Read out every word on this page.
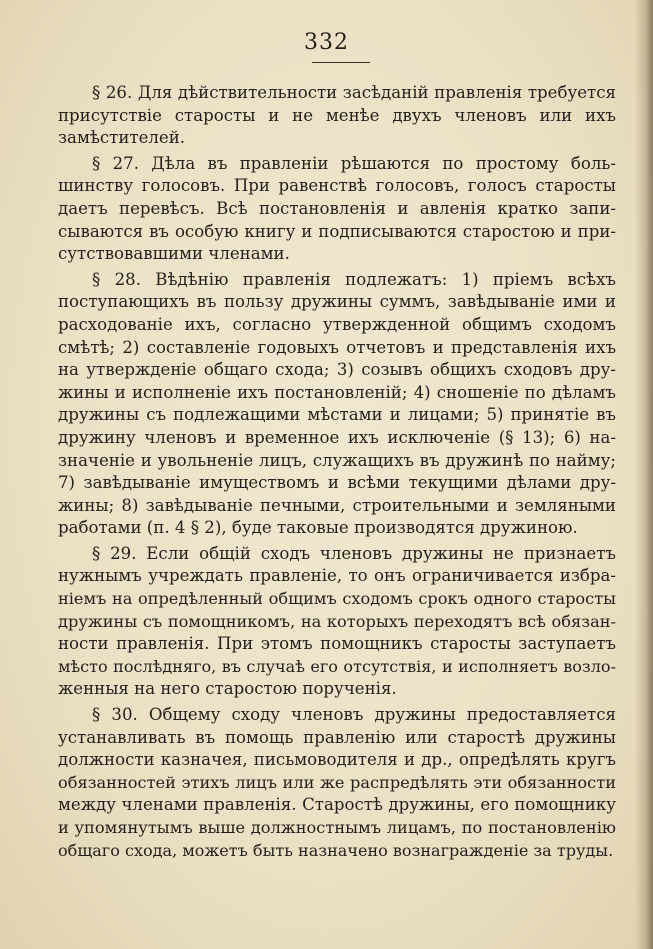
332
§ 26. Для дѣйствительности засѣданій правленія требуется
присутствіе старосты и не менѣе двухъ членовъ или ихъ
замѣстителей.
§ 27. Дѣла въ правленіи рѣшаются по простому боль-
шинству голосовъ. При равенствѣ голосовъ, голосъ старосты
даетъ перевѣсъ. Всѣ постановленія и авленія кратко запи-
сываются въ особую книгу и подписываются старостою и при-
сутствовавшими членами.
§ 28. Вѣдѣнію правленія подлежатъ: 1) пріемъ всѣхъ
поступающихъ въ пользу дружины суммъ, завѣдываніе ими и
расходованіе ихъ, согласно утвержденной общимъ сходомъ
смѣтѣ; 2) составленіе годовыхъ отчетовъ и представленія ихъ
на утвержденіе общаго схода; 3) созывъ общихъ сходовъ дру-
жины и исполненіе ихъ постановленій; 4) сношеніе по дѣламъ
дружины съ подлежащими мѣстами и лицами; 5) принятіе въ
дружину членовъ и временное ихъ исключеніе (§ 13); 6) на-
значеніе и увольненіе лицъ, служащихъ въ дружинѣ по найму;
7) завѣдываніе имуществомъ и всѣми текущими дѣлами дру-
жины; 8) завѣдываніе печными, строительными и земляными
работами (п. 4 § 2), буде таковые производятся дружиною.
§ 29. Если общій сходъ членовъ дружины не признаетъ
нужнымъ учреждать правленіе, то онъ ограничивается избра-
ніемъ на опредѣленный общимъ сходомъ срокъ одного старосты
дружины съ помощникомъ, на которыхъ переходятъ всѣ обязан-
ности правленія. При этомъ помощникъ старосты заступаетъ
мѣсто послѣдняго, въ случаѣ его отсутствія, и исполняетъ возло-
женныя на него старостою порученія.
§ 30. Общему сходу членовъ дружины предоставляется
устанавливать въ помощь правленію или старостѣ дружины
должности казначея, письмоводителя и др., опредѣлять кругъ
обязанностей этихъ лицъ или же распредѣлять эти обязанности
между членами правленія. Старостѣ дружины, его помощнику
и упомянутымъ выше должностнымъ лицамъ, по постановленію
общаго схода, можетъ быть назначено вознагражденіе за труды.
